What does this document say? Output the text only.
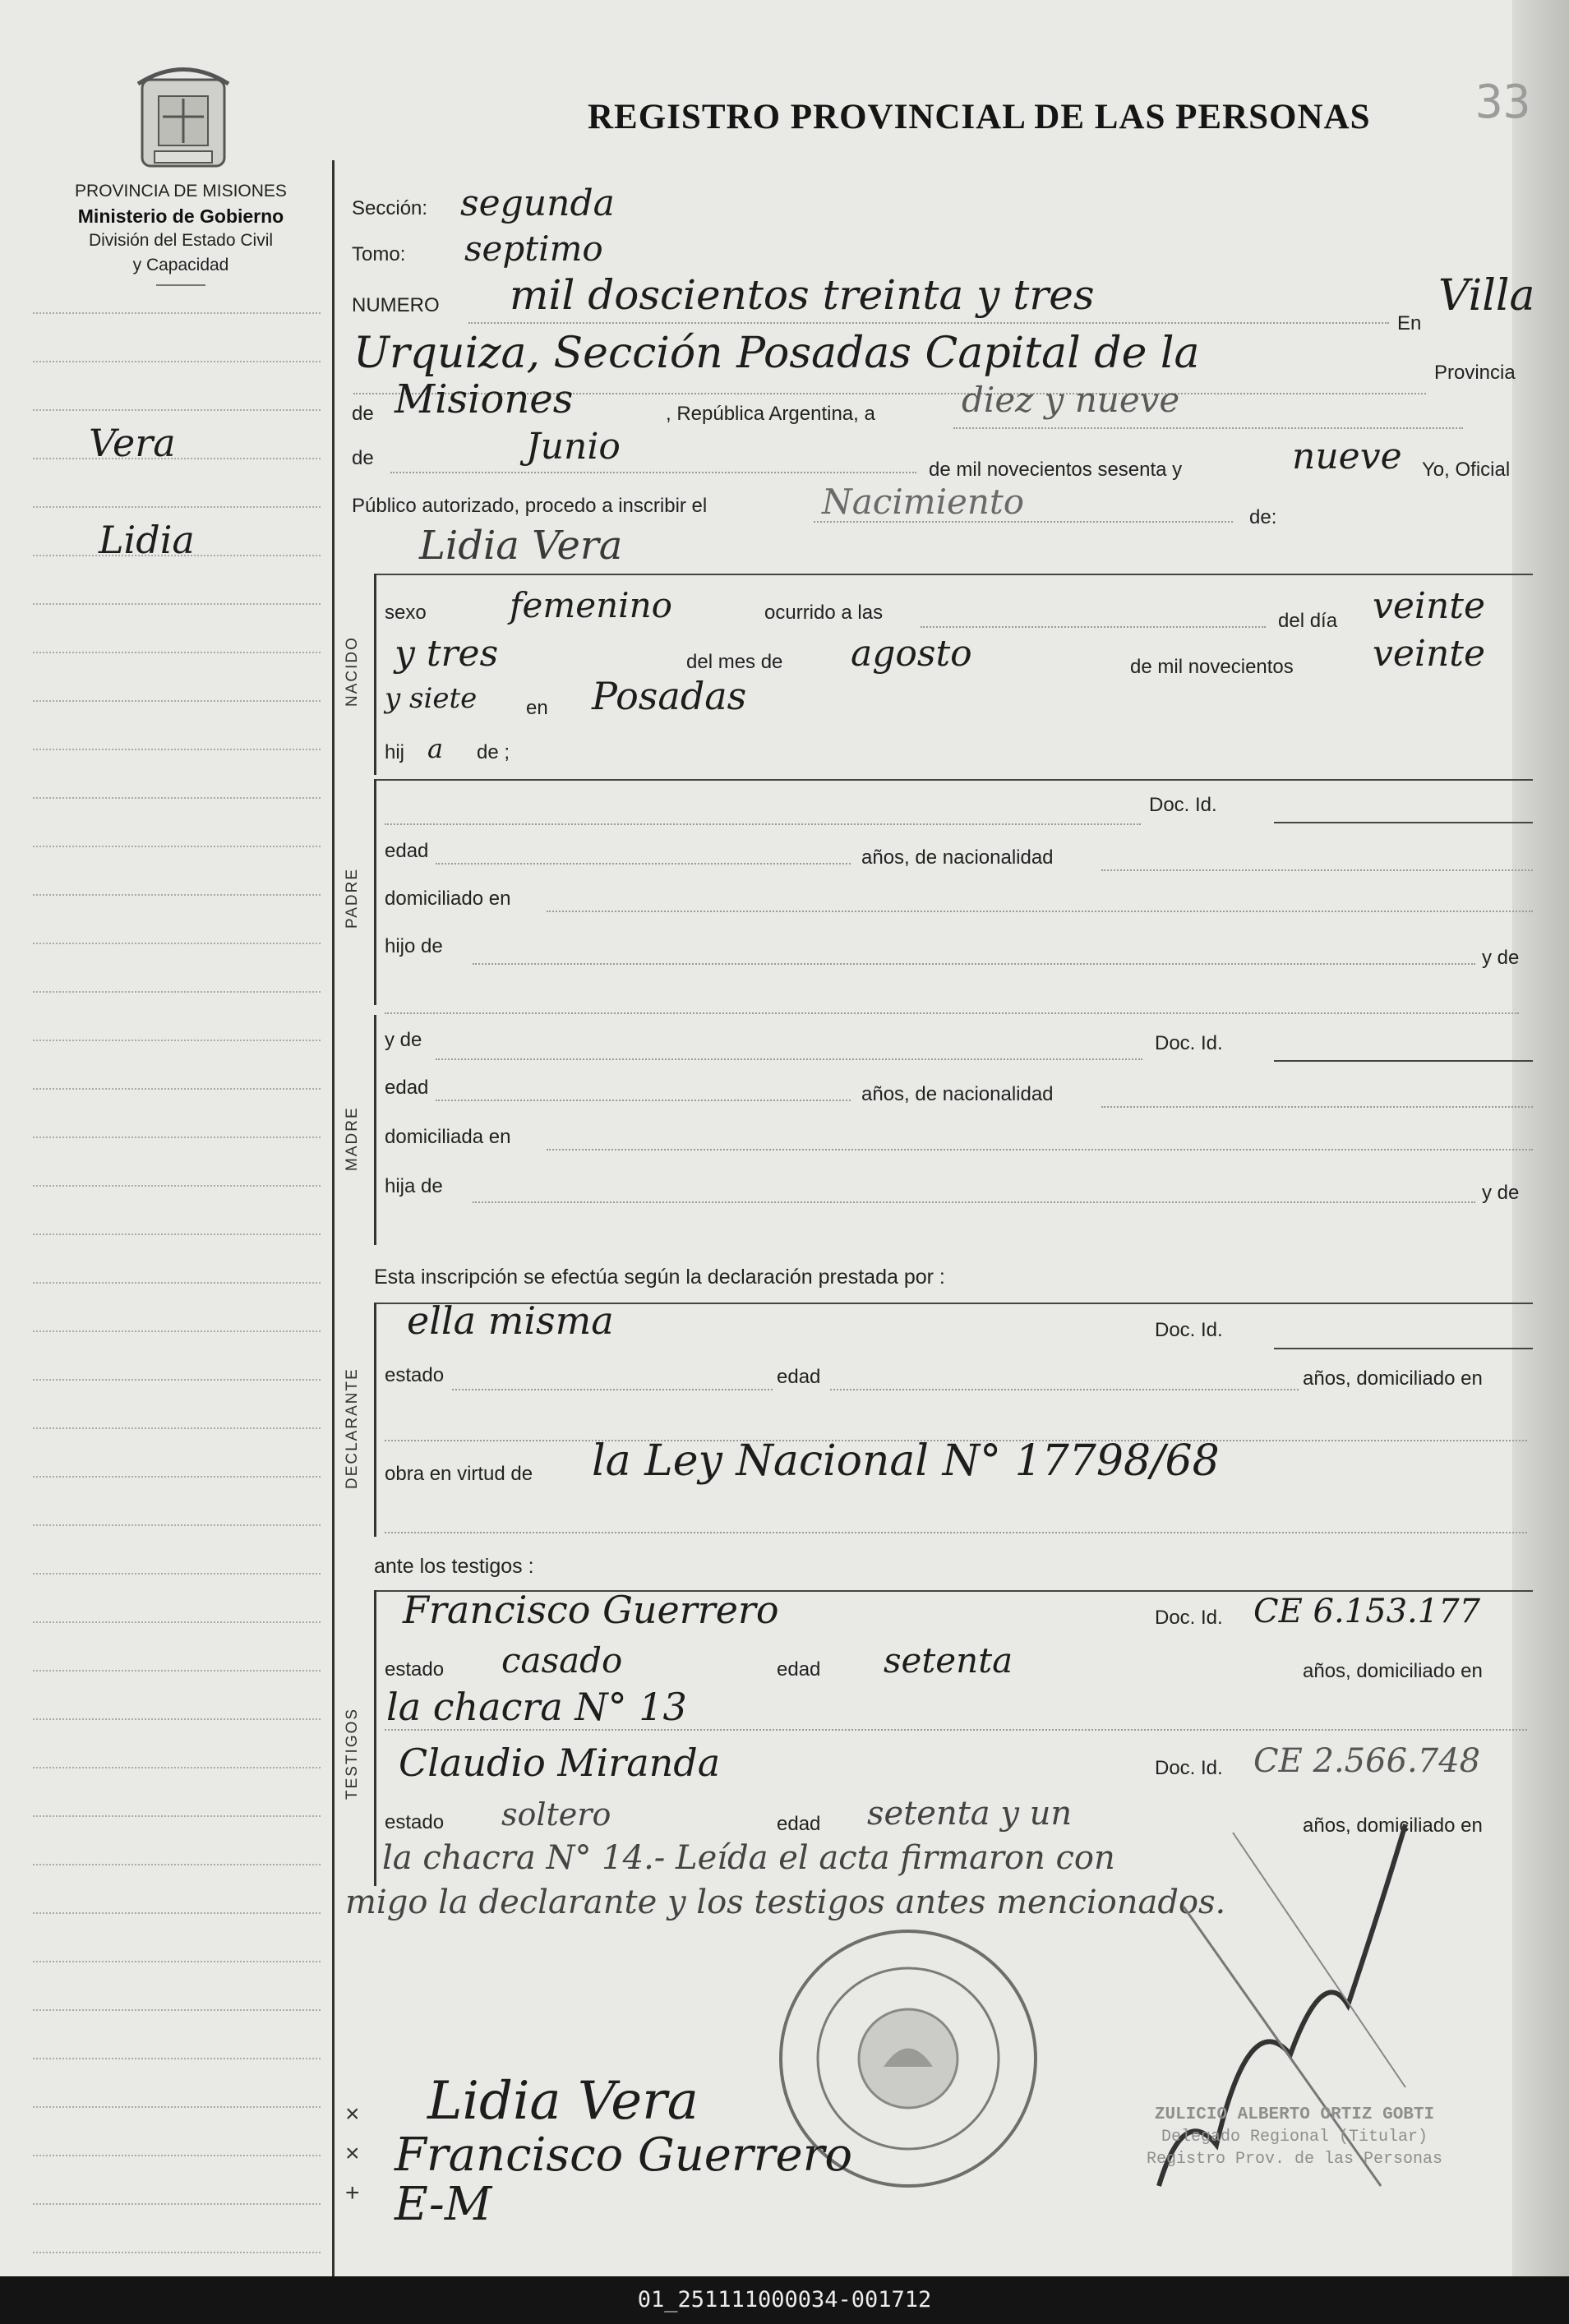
33
PROVINCIA DE MISIONES
Ministerio de Gobierno
División del Estado Civil
y Capacidad
REGISTRO PROVINCIAL DE LAS PERSONAS
Vera
Lidia
Sección: segunda
Tomo: septimo
NUMERO mil doscientos treinta y tres
En
Villa
Urquiza, Sección Posadas Capital de la	Provincia
de Misiones	, República Argentina, a	diez y nueve
de	Junio
de mil novecientos sesenta y	nueve Yo, Oficial
Público autorizado, procedo a inscribir el	Nacimiento	de:
Lidia Vera
NACIDO
sexo femenino	ocurrido a las	del día veinte
y tres	del mes de agosto	de mil novecientos veinte
y siete en Posadas
hij a de ;
PADRE
Doc. Id.
edad	años, de nacionalidad
domiciliado en
hijo de
y de
MADRE
y de	Doc. Id.
edad	años, de nacionalidad
domiciliada en
hija de	y de
Esta inscripción se efectúa según la declaración prestada por :
DECLARANTE
ella misma	Doc. Id.
estado	edad	años, domiciliado en
obra en virtud de la Ley Nacional N° 17798/68
ante los testigos :
TESTIGOS
Francisco Guerrero	Doc. Id. CE 6.153.177
estado casado	edad setenta	años, domiciliado en
la chacra N° 13
Claudio Miranda	Doc. Id. CE 2.566.748
estado soltero	edad setenta y un	años, domiciliado en
la chacra N° 14.- Leída el acta firmaron con
migo la declarante y los testigos antes mencionados.
ZULICIO ALBERTO ORTIZ GOBTI
Delegado Regional (Titular)
Registro Prov. de las Personas
×
×
+
Lidia Vera
Francisco Guerrero
E-M
01_251111000034-001712
